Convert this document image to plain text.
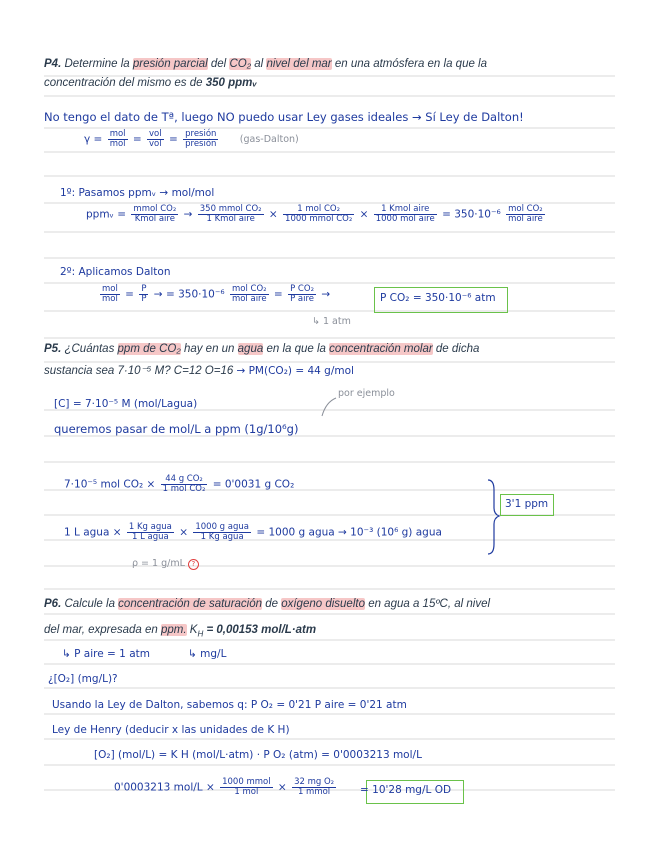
P4. Determine la presión parcial del CO₂ al nivel del mar en una atmósfera en la que la
concentración del mismo es de 350 ppmᵥ
No tengo el dato de Tª, luego NO puedo usar Ley gases ideales → Sí Ley de Dalton!
γ = mol
mol = vol
vol = presión
presión (gas-Dalton)
1º: Pasamos ppmᵥ → mol/mol
ppmᵥ = mmol CO₂
Kmol aire → 350 mmol CO₂
1 Kmol aire	×	1 mol CO₂
1000 mmol CO₂ ×	1 Kmol aire
1000 mol aire = 350·10⁻⁶ mol CO₂
mol aire
2º: Aplicamos Dalton
mol
mol = $\frac{P}{P}$ → = 350·10⁻⁶ mol CO₂
mol aire = P CO₂
P aire →	P CO₂ = 350·10⁻⁶ atm
↳ 1 atm
P5. ¿Cuántas ppm de CO₂ hay en un agua en la que la concentración molar de dicha
sustancia sea 7·10⁻⁵ M? C=12 O=16 → PM(CO₂) = 44 g/mol
por ejemplo
[C] = 7·10⁻⁵ M (mol/Lagua)
queremos pasar de mol/L a ppm (1g/10⁶g)
7·10⁻⁵ mol CO₂ ×	44 g CO₂
1 mol CO₂ = 0'0031 g CO₂
1 L agua × 1 Kg agua
1 L agua × 1000 g agua
1 Kg agua	= 1000 g agua → 10⁻³ (10⁶ g) agua
ρ = 1 g/mL ?
3'1 ppm
P6. Calcule la concentración de saturación de oxígeno disuelto en agua a 15ºC, al nivel
del mar, expresada en ppm. $K_H = 0,00153$ mol/L·atm
↳ P aire = 1 atm	↳ mg/L
¿[O₂] (mg/L)?
Usando la Ley de Dalton, sabemos q: P O₂ = 0'21 P aire = 0'21 atm
Ley de Henry (deducir x las unidades de K H)
[O₂] (mol/L) = K H (mol/L·atm) · P O₂ (atm) = 0'0003213 mol/L
0'0003213 mol/L × 1000 mmol
1 mol	× 32 mg O₂
1 mmol	= 10'28 mg/L OD
